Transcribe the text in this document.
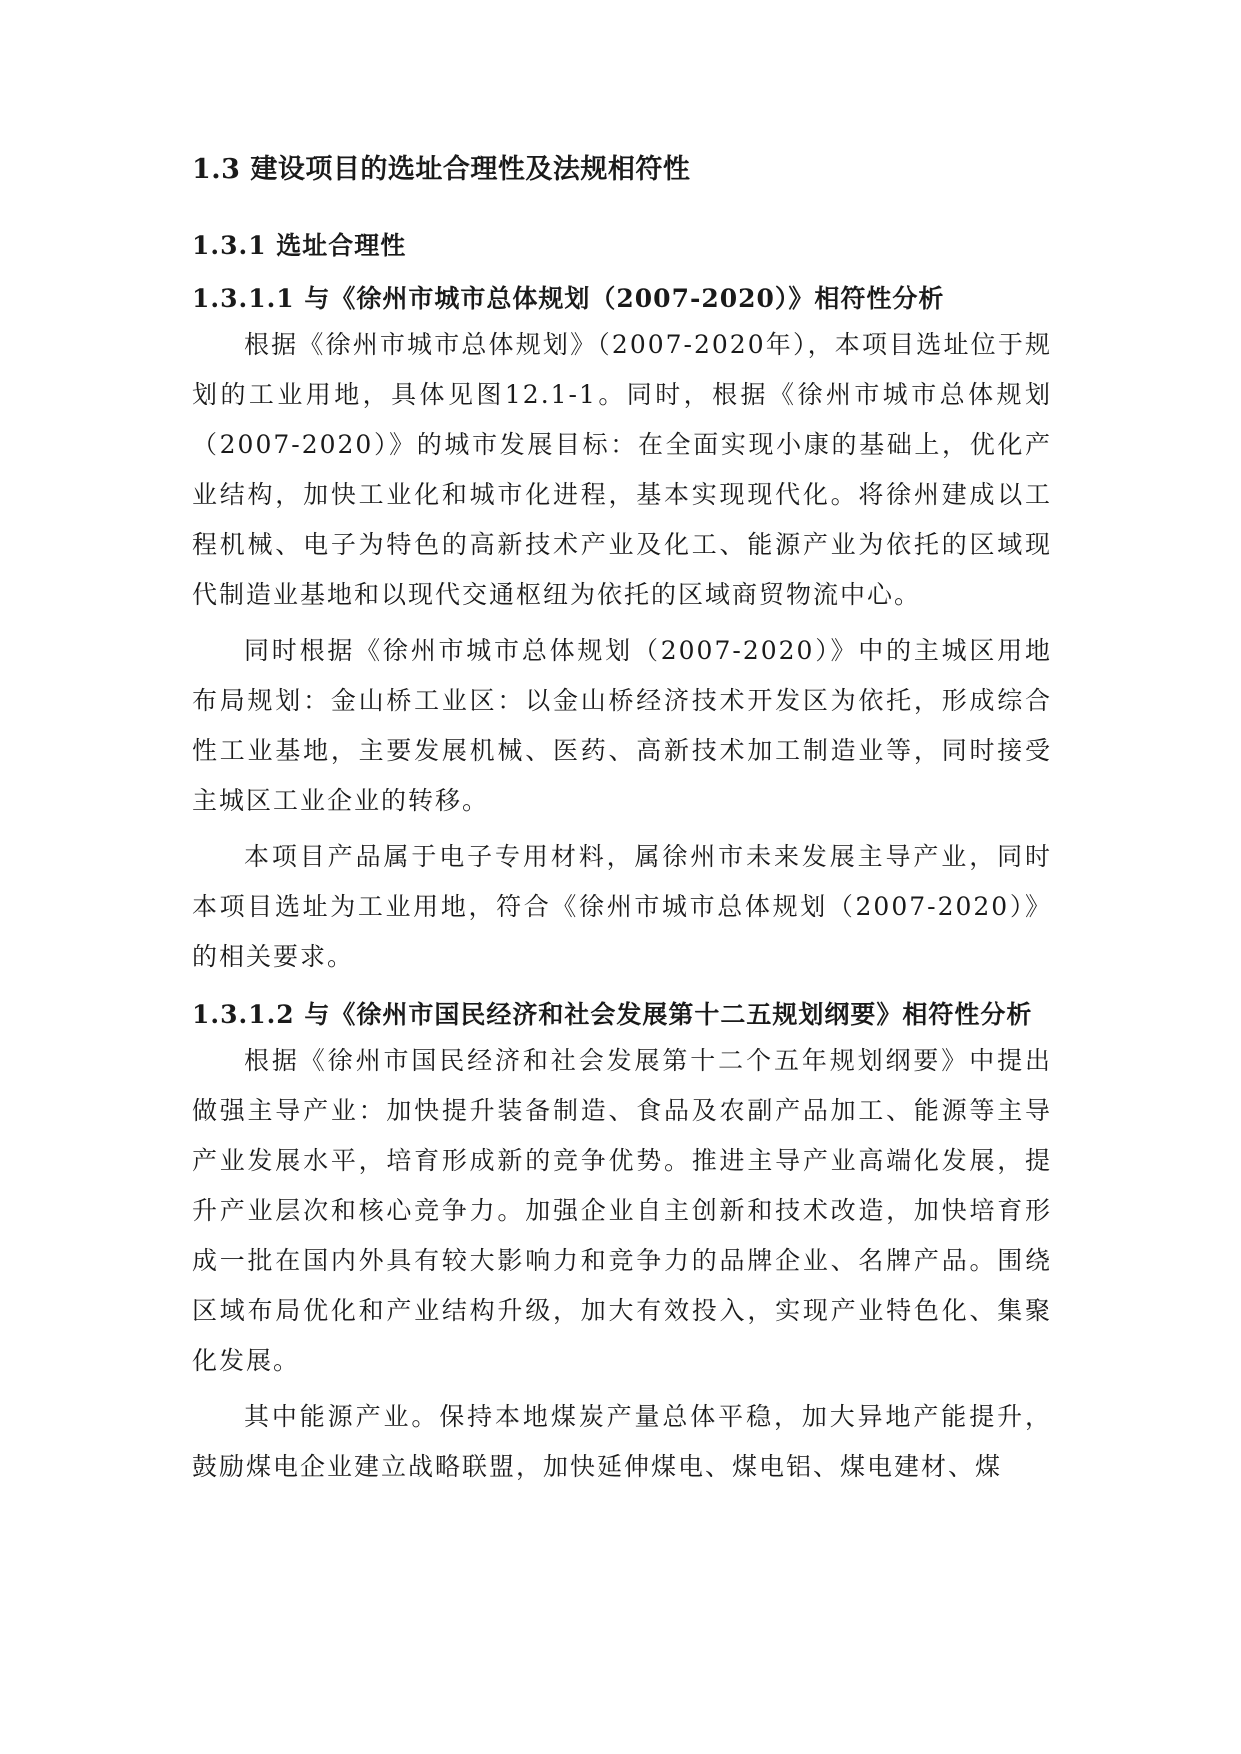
1.3 建设项目的选址合理性及法规相符性
1.3.1 选址合理性
1.3.1.1 与《徐州市城市总体规划（2007-2020）》相符性分析

根据《徐州市城市总体规划》（2007-2020年），本项目选址位于规划的工业用地，具体见图12.1-1。同时，根据《徐州市城市总体规划（2007-2020）》的城市发展目标：在全面实现小康的基础上，优化产业结构，加快工业化和城市化进程，基本实现现代化。将徐州建成以工程机械、电子为特色的高新技术产业及化工、能源产业为依托的区域现代制造业基地和以现代交通枢纽为依托的区域商贸物流中心。

同时根据《徐州市城市总体规划（2007-2020）》中的主城区用地布局规划：金山桥工业区：以金山桥经济技术开发区为依托，形成综合性工业基地，主要发展机械、医药、高新技术加工制造业等，同时接受主城区工业企业的转移。

本项目产品属于电子专用材料，属徐州市未来发展主导产业，同时本项目选址为工业用地，符合《徐州市城市总体规划（2007-2020）》的相关要求。

1.3.1.2 与《徐州市国民经济和社会发展第十二五规划纲要》相符性分析

根据《徐州市国民经济和社会发展第十二个五年规划纲要》中提出做强主导产业：加快提升装备制造、食品及农副产品加工、能源等主导产业发展水平，培育形成新的竞争优势。推进主导产业高端化发展，提升产业层次和核心竞争力。加强企业自主创新和技术改造，加快培育形成一批在国内外具有较大影响力和竞争力的品牌企业、名牌产品。围绕区域布局优化和产业结构升级，加大有效投入，实现产业特色化、集聚化发展。

其中能源产业。保持本地煤炭产量总体平稳，加大异地产能提升，鼓励煤电企业建立战略联盟，加快延伸煤电、煤电铝、煤电建材、煤
